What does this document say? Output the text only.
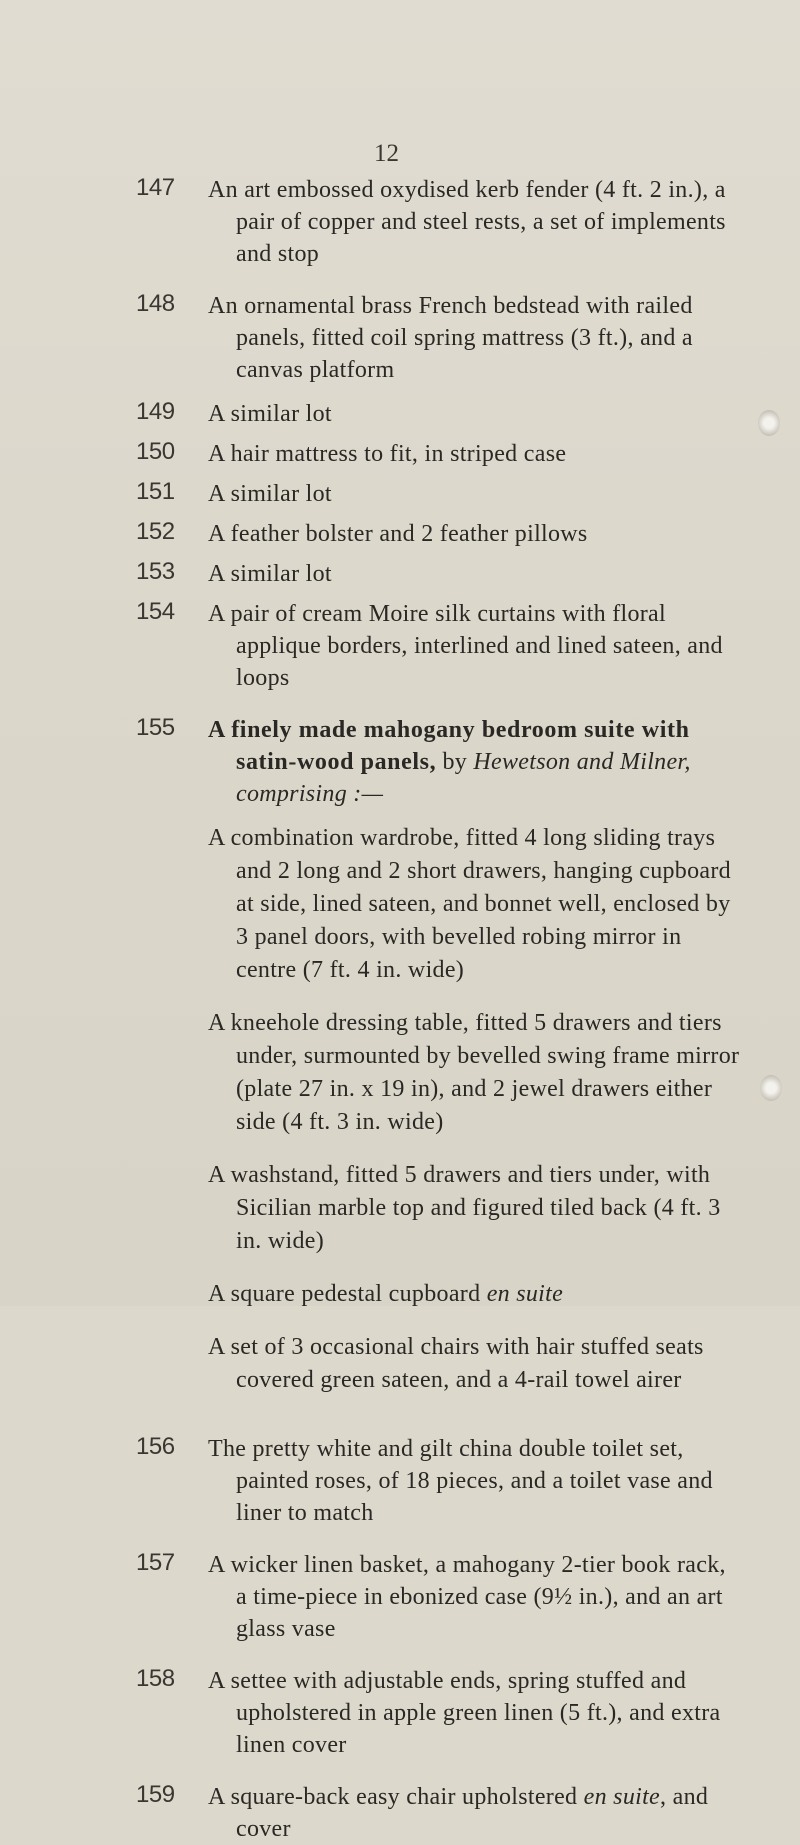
12
147 An art embossed oxydised kerb fender (4 ft. 2 in.), a pair of copper and steel rests, a set of implements and stop
148 An ornamental brass French bedstead with railed panels, fitted coil spring mattress (3 ft.), and a canvas platform
149 A similar lot
150 A hair mattress to fit, in striped case
151 A similar lot
152 A feather bolster and 2 feather pillows
153 A similar lot
154 A pair of cream Moire silk curtains with floral applique borders, interlined and lined sateen, and loops
155 A finely made mahogany bedroom suite with satin-wood panels, by Hewetson and Milner, comprising :—
A combination wardrobe, fitted 4 long sliding trays and 2 long and 2 short drawers, hanging cupboard at side, lined sateen, and bonnet well, enclosed by 3 panel doors, with bevelled robing mirror in centre (7 ft. 4 in. wide)
A kneehole dressing table, fitted 5 drawers and tiers under, surmounted by bevelled swing frame mirror (plate 27 in. x 19 in), and 2 jewel drawers either side (4 ft. 3 in. wide)
A washstand, fitted 5 drawers and tiers under, with Sicilian marble top and figured tiled back (4 ft. 3 in. wide)
A square pedestal cupboard en suite
A set of 3 occasional chairs with hair stuffed seats covered green sateen, and a 4-rail towel airer
156 The pretty white and gilt china double toilet set, painted roses, of 18 pieces, and a toilet vase and liner to match
157 A wicker linen basket, a mahogany 2-tier book rack, a time-piece in ebonized case (9½ in.), and an art glass vase
158 A settee with adjustable ends, spring stuffed and upholstered in apple green linen (5 ft.), and extra linen cover
159 A square-back easy chair upholstered en suite, and cover
